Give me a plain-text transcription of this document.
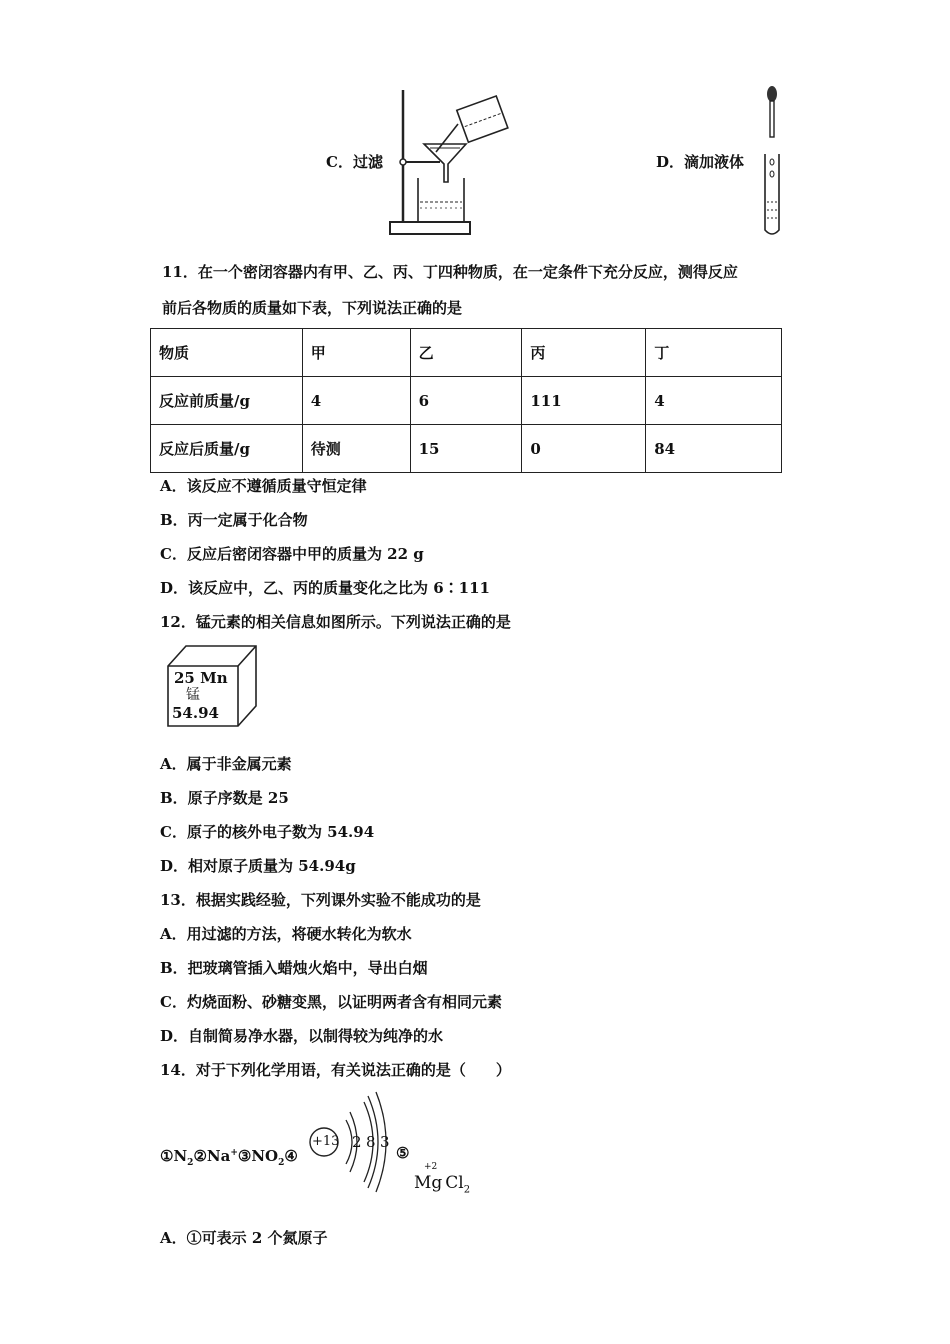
C．过滤	D．滴加液体
11．在一个密闭容器内有甲、乙、丙、丁四种物质，在一定条件下充分反应，测得反应
前后各物质的质量如下表，下列说法正确的是
物质	甲	乙	丙	丁
反应前质量/g	4	6	111	4
反应后质量/g	待测	15	0	84
A．该反应不遵循质量守恒定律
B．丙一定属于化合物
C．反应后密闭容器中甲的质量为 22 g
D．该反应中，乙、丙的质量变化之比为 6∶111
12．锰元素的相关信息如图所示。下列说法正确的是
25 Mn
锰
54.94
A．属于非金属元素
B．原子序数是 25
C．原子的核外电子数为 54.94
D．相对原子质量为 54.94g
13．根据实践经验，下列课外实验不能成功的是
A．用过滤的方法，将硬水转化为软水
B．把玻璃管插入蜡烛火焰中，导出白烟
C．灼烧面粉、砂糖变黑，以证明两者含有相同元素
D．自制简易净水器，以制得较为纯净的水
14．对于下列化学用语，有关说法正确的是（　　）
$①N_2②Na^+③NO_2④$
+13 2 8 3
⑤
+2
Mg $Cl_2$
A．①可表示 2 个氮原子
